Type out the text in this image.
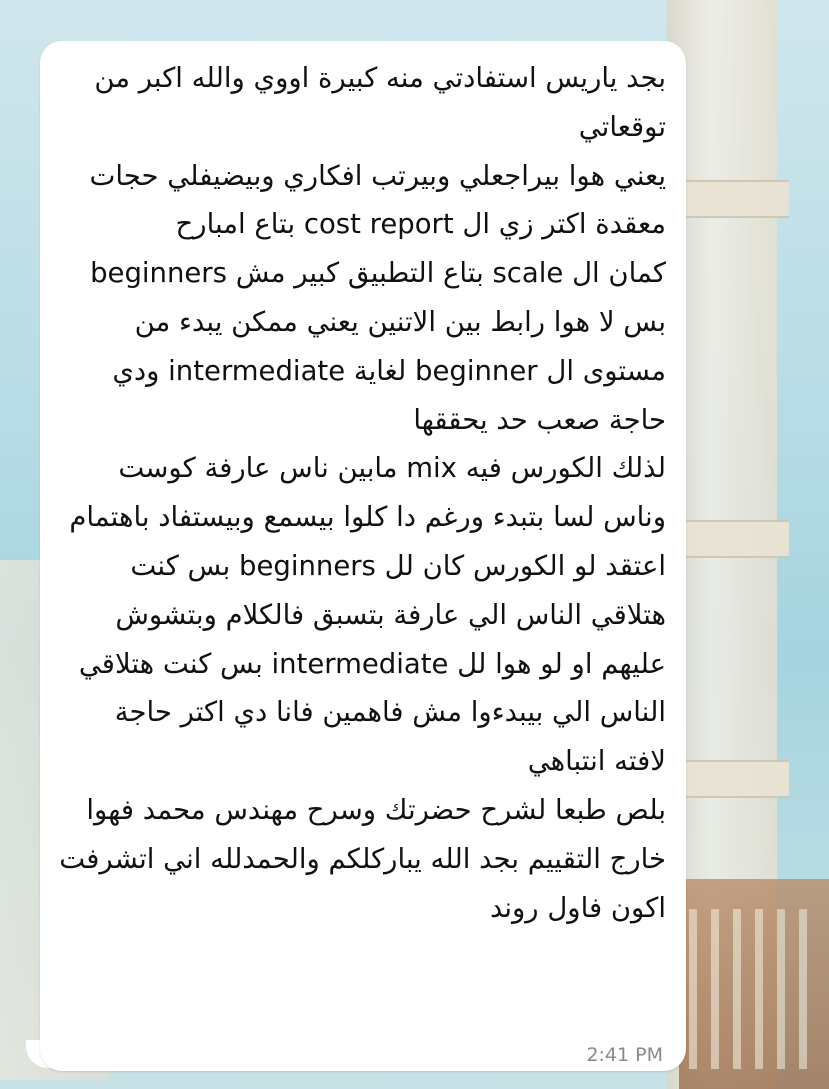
بجد ياريس استفادتي منه كبيرة اووي والله اكبر من توقعاتي

يعني هوا بيراجعلي وبيرتب افكاري وبيضيفلي حجات معقدة اكتر زي ال cost report بتاع امبارح

كمان ال scale بتاع التطبيق كبير مش beginners بس لا هوا رابط بين الاتنين يعني ممكن يبدء من مستوى ال beginner لغاية intermediate ودي حاجة صعب حد يحققها

لذلك الكورس فيه mix مابين ناس عارفة كوست وناس لسا بتبدء ورغم دا كلوا بيسمع وبيستفاد باهتمام

اعتقد لو الكورس كان لل beginners بس كنت هتلاقي الناس الي عارفة بتسبق فالكلام وبتشوش عليهم او لو هوا لل intermediate بس كنت هتلاقي الناس الي بيبدءوا مش فاهمين فانا دي اكتر حاجة لافته انتباهي

بلص طبعا لشرح حضرتك وسرح مهندس محمد فهوا خارج التقييم بجد الله يباركلكم والحمدلله اني اتشرفت اكون فاول روند

2:41 PM
